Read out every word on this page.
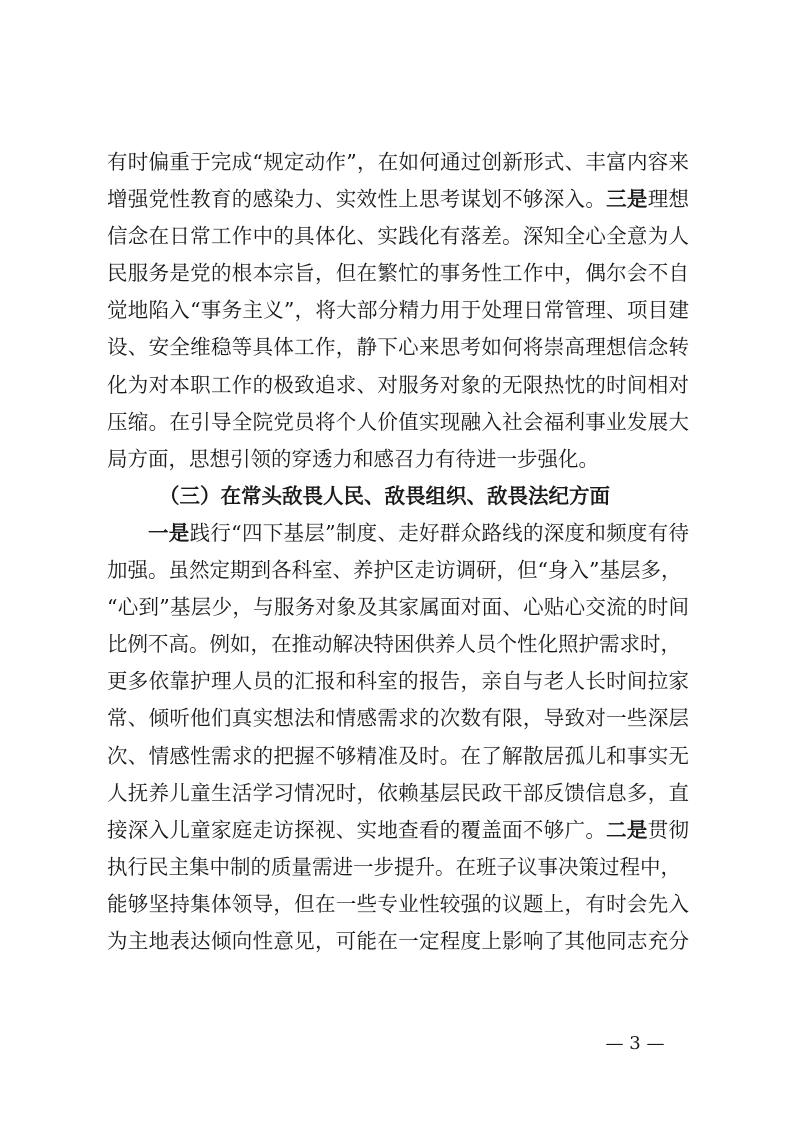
有时偏重于完成“规定动作”，在如何通过创新形式、丰富内容来
增强党性教育的感染力、实效性上思考谋划不够深入。三是理想
信念在日常工作中的具体化、实践化有落差。深知全心全意为人
民服务是党的根本宗旨，但在繁忙的事务性工作中，偶尔会不自
觉地陷入“事务主义”，将大部分精力用于处理日常管理、项目建
设、安全维稳等具体工作，静下心来思考如何将崇高理想信念转
化为对本职工作的极致追求、对服务对象的无限热忱的时间相对
压缩。在引导全院党员将个人价值实现融入社会福利事业发展大
局方面，思想引领的穿透力和感召力有待进一步强化。
（三）在常头敌畏人民、敌畏组织、敌畏法纪方面
一是践行“四下基层”制度、走好群众路线的深度和频度有待
加强。虽然定期到各科室、养护区走访调研，但“身入”基层多，
“心到”基层少，与服务对象及其家属面对面、心贴心交流的时间
比例不高。例如，在推动解决特困供养人员个性化照护需求时，
更多依靠护理人员的汇报和科室的报告，亲自与老人长时间拉家
常、倾听他们真实想法和情感需求的次数有限，导致对一些深层
次、情感性需求的把握不够精准及时。在了解散居孤儿和事实无
人抚养儿童生活学习情况时，依赖基层民政干部反馈信息多，直
接深入儿童家庭走访探视、实地查看的覆盖面不够广。二是贯彻
执行民主集中制的质量需进一步提升。在班子议事决策过程中，
能够坚持集体领导，但在一些专业性较强的议题上，有时会先入
为主地表达倾向性意见，可能在一定程度上影响了其他同志充分
— 3 —
